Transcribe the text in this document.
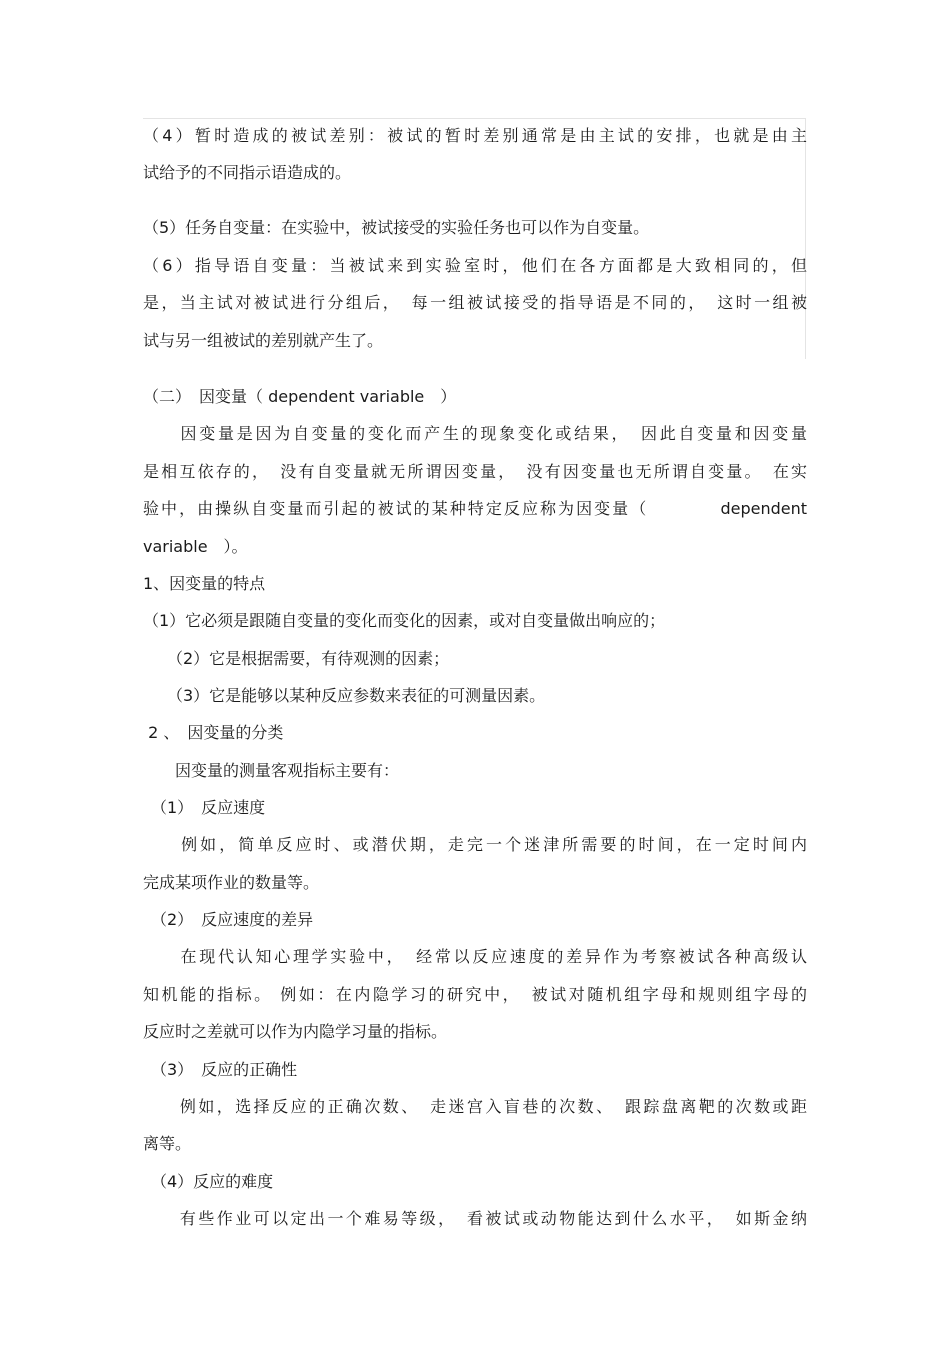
（4）暂时造成的被试差别：被试的暂时差别通常是由主试的安排，也就是由主

试给予的不同指示语造成的。

（5）任务自变量：在实验中，被试接受的实验任务也可以作为自变量。

（6）指导语自变量：当被试来到实验室时，他们在各方面都是大致相同的，但

是，当主试对被试进行分组后，　每一组被试接受的指导语是不同的，　这时一组被

试与另一组被试的差别就产生了。

（二）　因变量（ dependent variable　）

　　因变量是因为自变量的变化而产生的现象变化或结果，　因此自变量和因变量

是相互依存的，　没有自变量就无所谓因变量，　没有因变量也无所谓自变量。　在实

验中，由操纵自变量而引起的被试的某种特定反应称为因变量（　　　　dependent

variable　）。

1、因变量的特点

（1）它必须是跟随自变量的变化而变化的因素，或对自变量做出响应的；

　　（2）它是根据需要，有待观测的因素；

　　（3）它是能够以某种反应参数来表征的可测量因素。

2 、　因变量的分类

　　因变量的测量客观指标主要有：

　（1）　反应速度

　　例如，简单反应时、或潜伏期，走完一个迷津所需要的时间，在一定时间内

完成某项作业的数量等。

　（2）　反应速度的差异

　　在现代认知心理学实验中，　经常以反应速度的差异作为考察被试各种高级认

知机能的指标。 例如：在内隐学习的研究中，　被试对随机组字母和规则组字母的

反应时之差就可以作为内隐学习量的指标。

　（3）　反应的正确性

　　例如，选择反应的正确次数、　走迷宫入盲巷的次数、　跟踪盘离靶的次数或距

离等。

　（4）反应的难度

　　有些作业可以定出一个难易等级，　看被试或动物能达到什么水平，　如斯金纳
